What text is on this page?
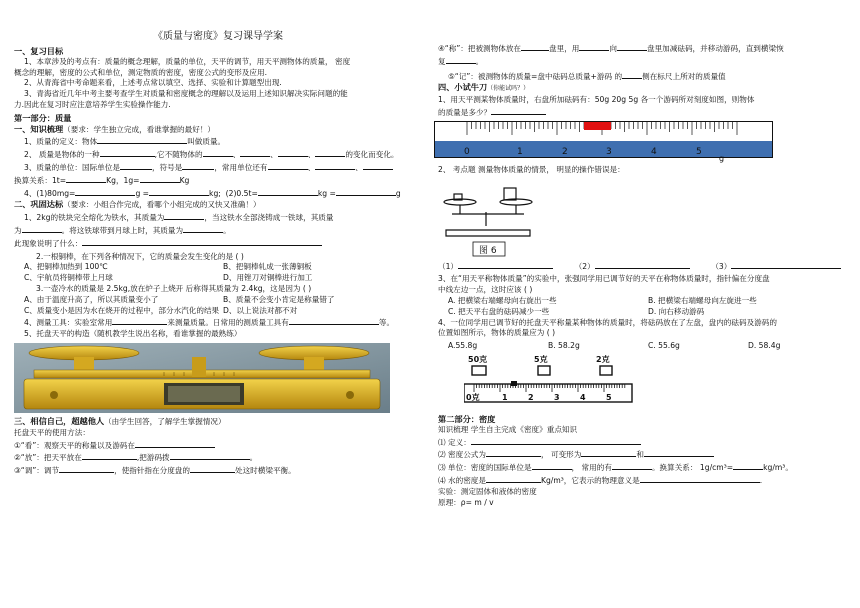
《质量与密度》复习课导学案
一、复习目标
1、本章涉及的考点有：质量的概念理解，质量的单位，天平的调节，用天平测物体的质量， 密度
概念的理解，密度的公式和单位，测定物质的密度，密度公式的变形及应用.
2、从青海省中考命题来看，上述考点常以填空、选择、实验和计算题型出现.
3、青海省近几年中考主要考查学生对质量和密度概念的理解以及运用上述知识解决实际问题的能
力.因此在复习时应注意培养学生实验操作能力.
第一部分：质量
一、知识梳理（要求：学生独立完成，看谁掌握的最好！）
1、质量的定义：物体	叫做质量。
2、 质量是物体的一种	,它不随物体的	、	、	、	的变化而变化。
3、质量的单位：国际单位是	，符号是	，常用单位还有	、	、
换算关系：1t=	Kg，1g=	Kg
4、(1)80mg=	g =	kg; (2)0.5t=	kg =	g
二、巩固达标（要求：小组合作完成，看哪个小组完成的又快又准确！）
1、2kg的铁块完全熔化为铁水，其质量为	，当这铁水全部浇铸成一铁球，其质量
为	。将这铁球带到月球上时，其质量为	。
此现象说明了什么：
2.一根铜棒，在下列各种情况下，它的质量会发生变化的是 ( )
A、把铜棒加热到 100℃	B、把铜棒轧成一张薄铜板
C、宇航员将铜棒带上月球	D、用锉刀对铜棒进行加工
3.一壶冷水的质量是 2.5kg,放在炉子上烧开 后称得其质量为 2.4kg，这是因为 ( )
A、由于温度升高了，所以其质量变小了	B、质量不会变小肯定是称量错了
C、质量变小是因为水在烧开的过程中，部分水汽化的结果 D、以上说法对都不对
4、测量工具：实验室常用	来测量质量。日常用的测质量工具有	等。
5、托盘天平的构造（随机教学生说出名称，看谁掌握的最熟练）
三、相信自己，超越他人（由学生回答，了解学生掌握情况）
托盘天平的使用方法：
①“看”：观察天平的称量以及游码在
②“放”：把天平放在	,把游码拨	。
③“调”：调节	，使指针指在分度盘的	处这时横梁平衡。
④“称”：把被测物体放在	盘里，用	向	盘里加减砝码，并移动游码，直到横梁恢
复	。
⑤“记”：被测物体的质量=盘中砝码总质量+游码 的	侧在标尺上所对的质量值
四、小试牛刀（你能试吗？）
1、用天平测某物体质量时，右盘所加砝码有：50g 20g 5g 各一个游码所对刻度如图，则物体
的质量是多少？
0	1	2	3	4	5
g
2、 考点题 测量物体质量的情景， 明显的操作错误是：
图 6
（1）	（2）	（3）
3、在“用天平称物体质量”的实验中，张强同学用已调节好的天平在称物体质量时，指针偏在分度盘
中线左边一点，这时应该 ( )
A. 把横梁右端螺母向右旋出一些	B. 把横梁右端螺母向左旋进一些
C. 把天平右盘的砝码减少一些	D. 向右移动游码
4、一位同学用已调节好的托盘天平称量某种物体的质量时，将砝码放在了左盘，盘内的砝码及游码的
位置如图所示，物体的质量应为 ( )
A.55.8g	B. 58.2g	C. 55.6g	D. 58.4g
50克	5克	2克
0克	1	2	3	4	5
第二部分：密度
知识梳理 学生自主完成《密度》重点知识
⑴ 定义：
⑵ 密度公式为	， 可变形为	和
⑶ 单位：密度的国际单位是	， 常用的有	。换算关系： 1g/cm³=	kg/m³。
⑷ 水的密度是	Kg/m³，它表示的物理意义是	.
实验：测定固体和液体的密度
原理：ρ= m / v
